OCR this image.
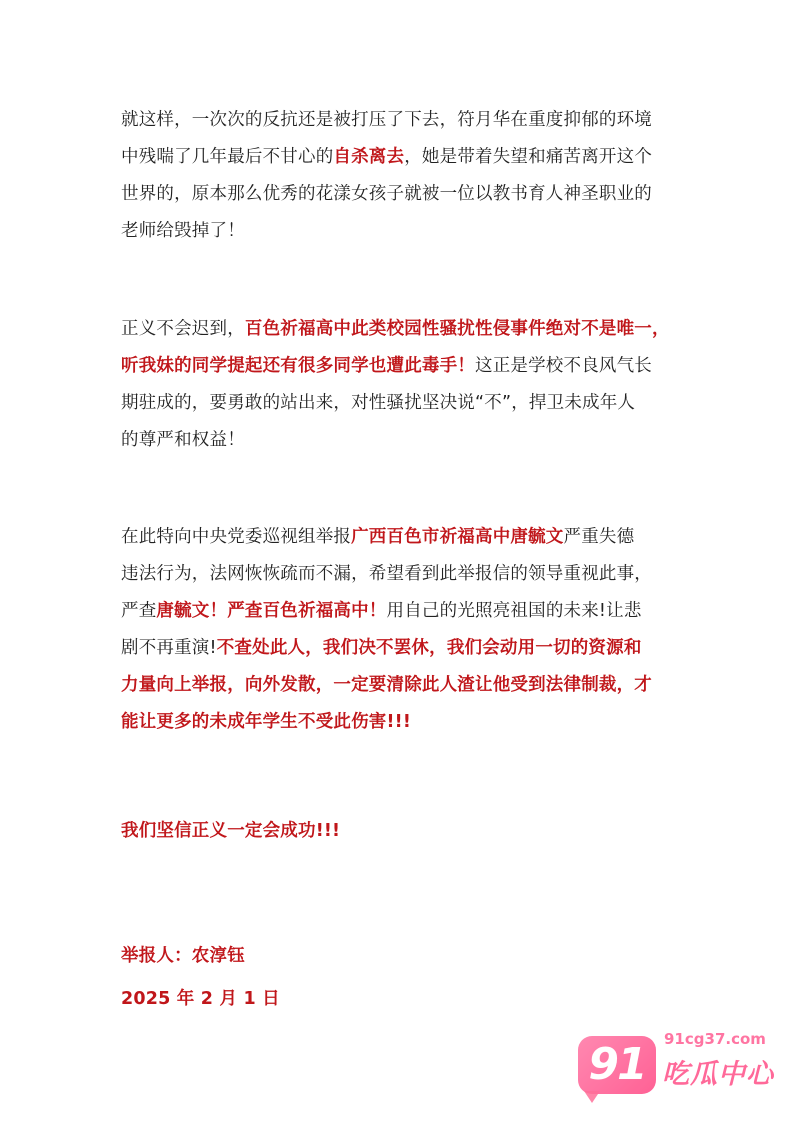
就这样，一次次的反抗还是被打压了下去，符月华在重度抑郁的环境
中残喘了几年最后不甘心的自杀离去，她是带着失望和痛苦离开这个
世界的，原本那么优秀的花漾女孩子就被一位以教书育人神圣职业的
老师给毁掉了！
正义不会迟到，百色祈福高中此类校园性骚扰性侵事件绝对不是唯一，
听我妹的同学提起还有很多同学也遭此毒手！这正是学校不良风气长
期驻成的，要勇敢的站出来，对性骚扰坚决说“不”，捍卫未成年人
的尊严和权益！
在此特向中央党委巡视组举报广西百色市祈福高中唐毓文严重失德
违法行为，法网恢恢疏而不漏，希望看到此举报信的领导重视此事，
严查唐毓文！严查百色祈福高中！用自己的光照亮祖国的未来!让悲
剧不再重演!不查处此人，我们决不罢休，我们会动用一切的资源和
力量向上举报，向外发散，一定要清除此人渣让他受到法律制裁，才
能让更多的未成年学生不受此伤害!!!
我们坚信正义一定会成功!!!
举报人：农淳钰
2025 年 2 月 1 日
91	91cg37.com
吃瓜中心
